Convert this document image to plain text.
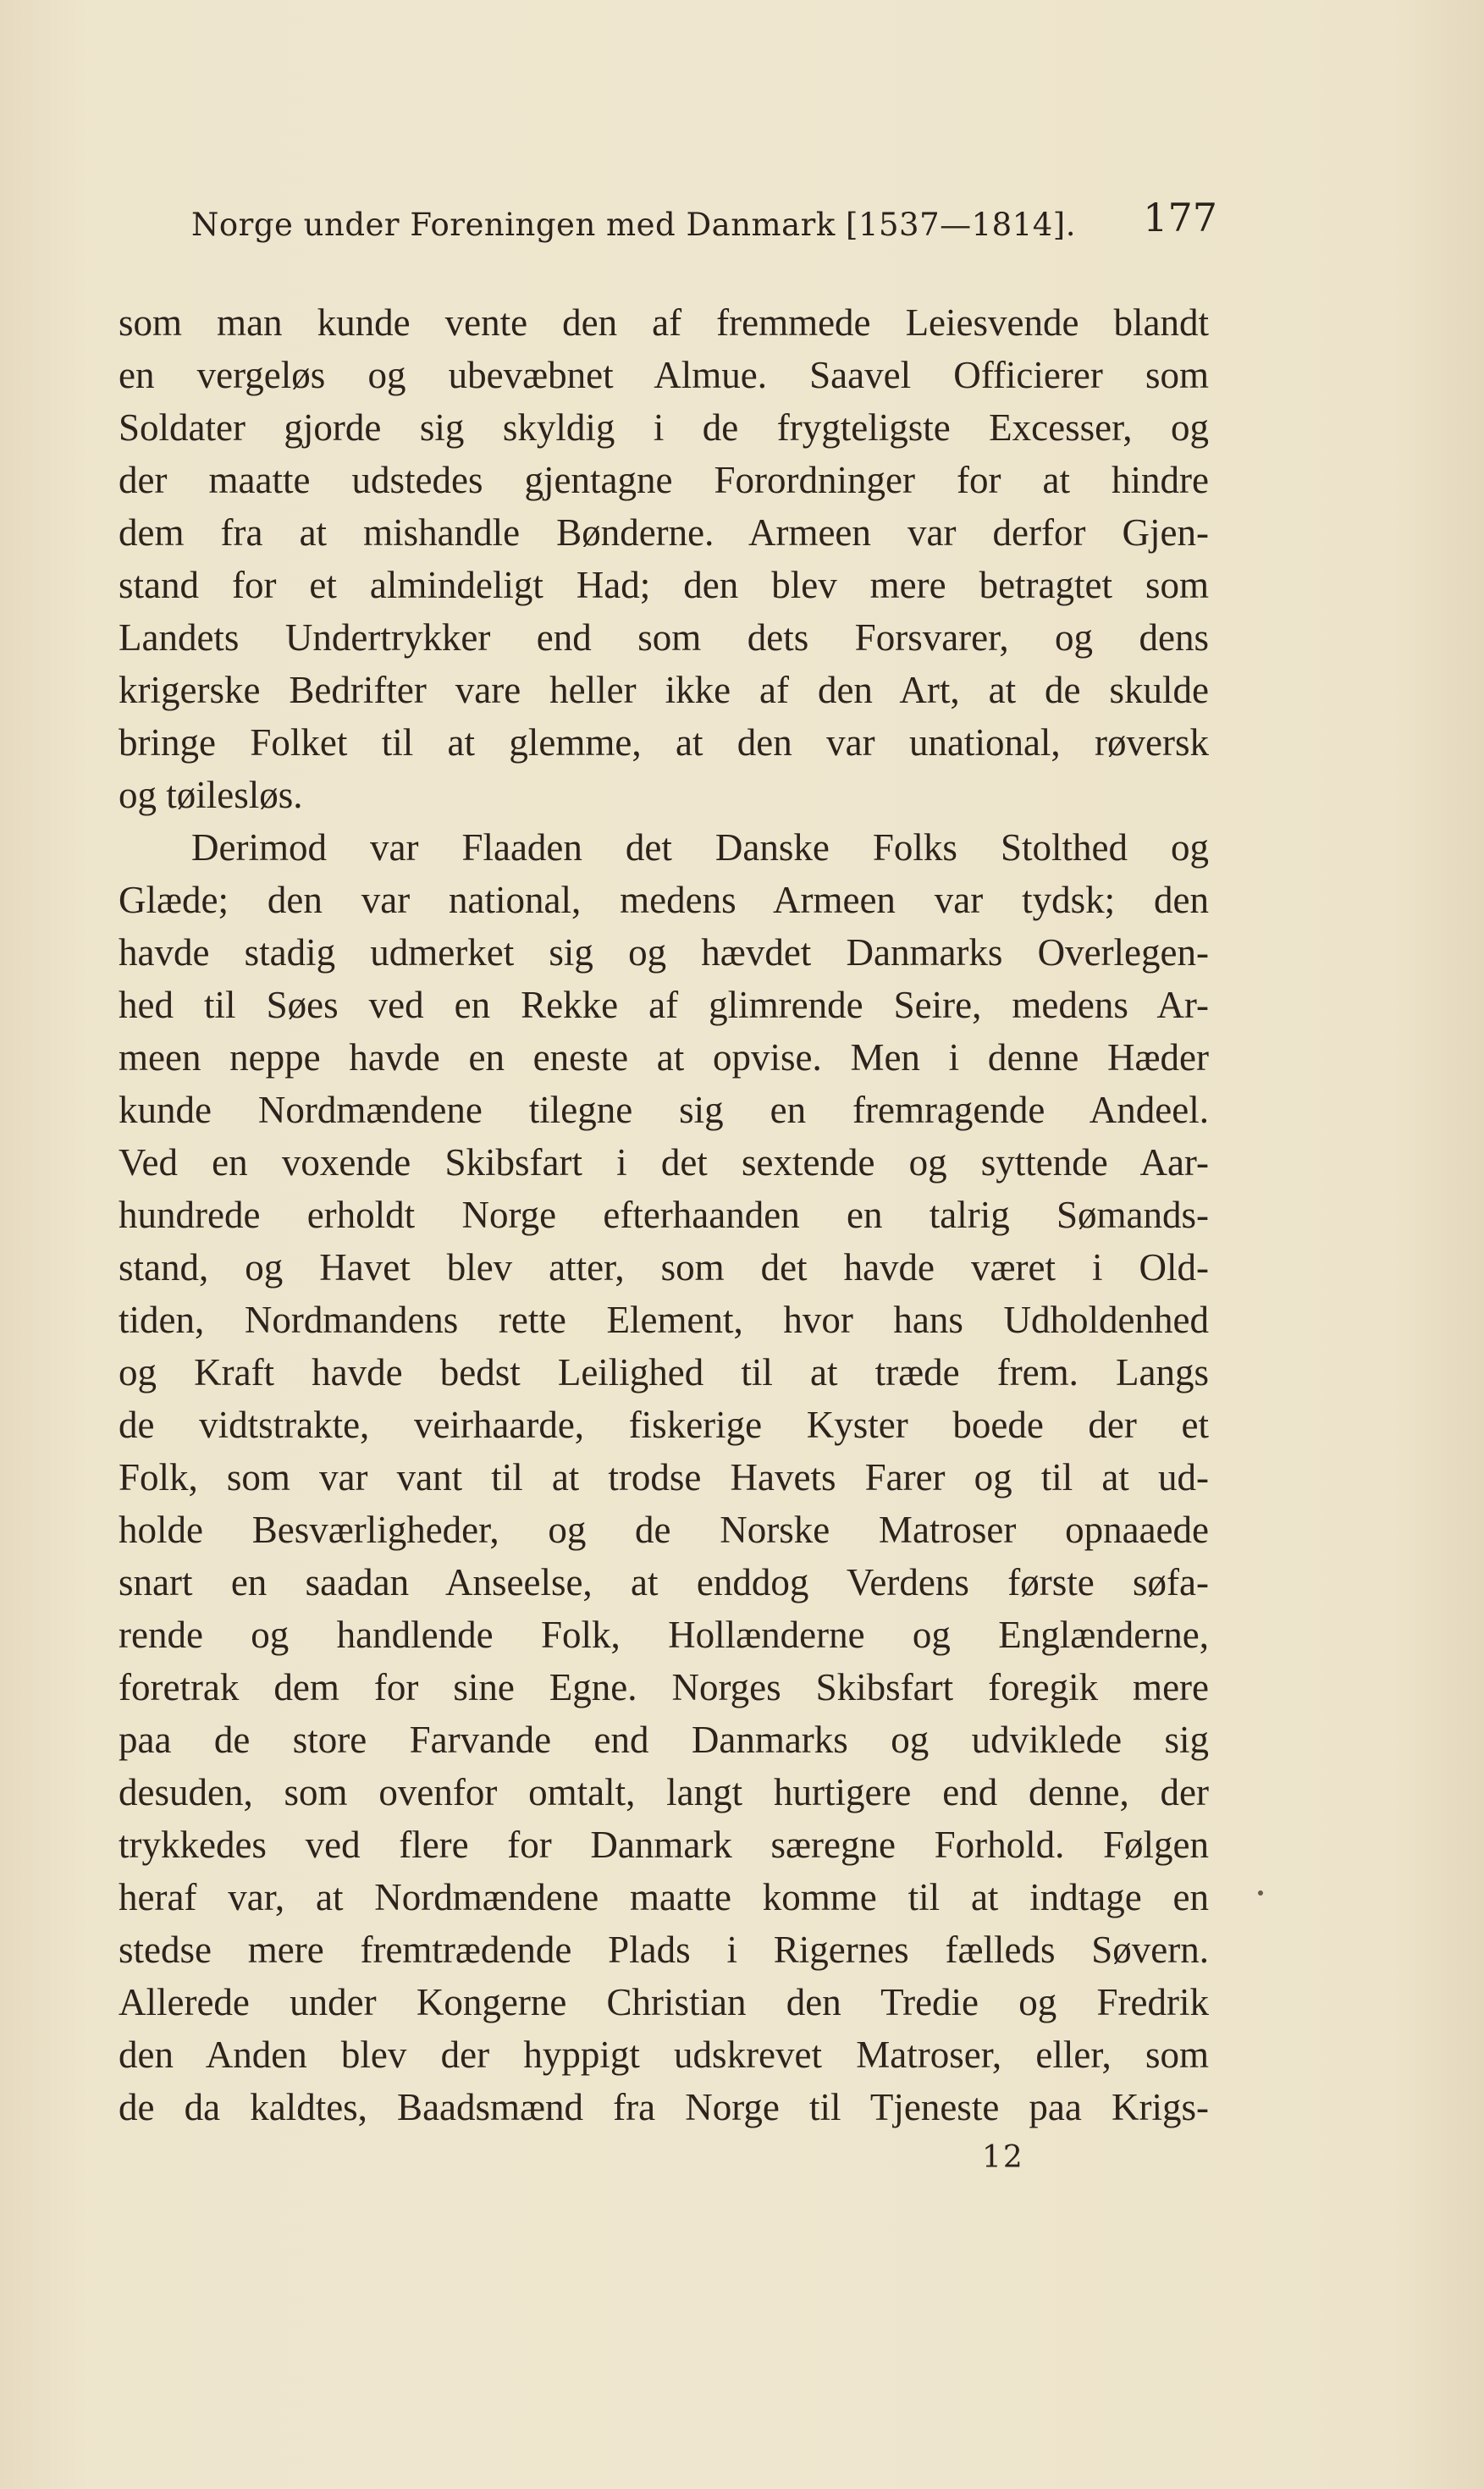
Norge under Foreningen med Danmark [1537—1814]. 177
som man kunde vente den af fremmede Leiesvende blandt
en vergeløs og ubevæbnet Almue. Saavel Officierer som
Soldater gjorde sig skyldig i de frygteligste Excesser, og
der maatte udstedes gjentagne Forordninger for at hindre
dem fra at mishandle Bønderne. Armeen var derfor Gjen-
stand for et almindeligt Had; den blev mere betragtet som
Landets Undertrykker end som dets Forsvarer, og dens
krigerske Bedrifter vare heller ikke af den Art, at de skulde
bringe Folket til at glemme, at den var unational, røversk
og tøilesløs.
Derimod var Flaaden det Danske Folks Stolthed og
Glæde; den var national, medens Armeen var tydsk; den
havde stadig udmerket sig og hævdet Danmarks Overlegen-
hed til Søes ved en Rekke af glimrende Seire, medens Ar-
meen neppe havde en eneste at opvise. Men i denne Hæder
kunde Nordmændene tilegne sig en fremragende Andeel.
Ved en voxende Skibsfart i det sextende og syttende Aar-
hundrede erholdt Norge efterhaanden en talrig Sømands-
stand, og Havet blev atter, som det havde været i Old-
tiden, Nordmandens rette Element, hvor hans Udholdenhed
og Kraft havde bedst Leilighed til at træde frem. Langs
de vidtstrakte, veirhaarde, fiskerige Kyster boede der et
Folk, som var vant til at trodse Havets Farer og til at ud-
holde Besværligheder, og de Norske Matroser opnaaede
snart en saadan Anseelse, at enddog Verdens første søfa-
rende og handlende Folk, Hollænderne og Englænderne,
foretrak dem for sine Egne. Norges Skibsfart foregik mere
paa de store Farvande end Danmarks og udviklede sig
desuden, som ovenfor omtalt, langt hurtigere end denne, der
trykkedes ved flere for Danmark særegne Forhold. Følgen
heraf var, at Nordmændene maatte komme til at indtage en
stedse mere fremtrædende Plads i Rigernes fælleds Søvern.
Allerede under Kongerne Christian den Tredie og Fredrik
den Anden blev der hyppigt udskrevet Matroser, eller, som
de da kaldtes, Baadsmænd fra Norge til Tjeneste paa Krigs-
12
